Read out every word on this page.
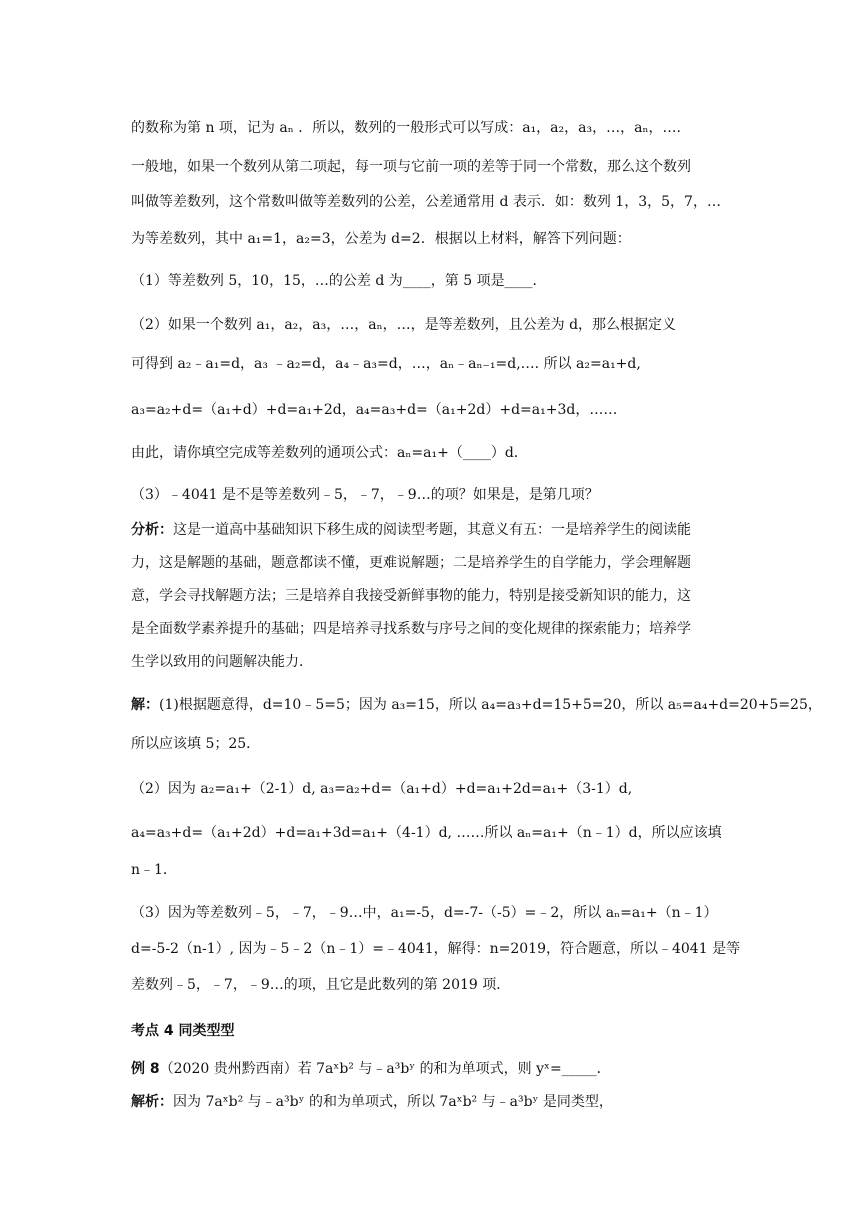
的数称为第 n 项，记为 aₙ ．所以，数列的一般形式可以写成：a₁，a₂，a₃，…，aₙ，….
一般地，如果一个数列从第二项起，每一项与它前一项的差等于同一个常数，那么这个数列
叫做等差数列，这个常数叫做等差数列的公差，公差通常用 d 表示．如：数列 1，3，5，7，…
为等差数列，其中 a₁=1，a₂=3，公差为 d=2．根据以上材料，解答下列问题：
（1）等差数列 5，10，15，…的公差 d 为____，第 5 项是____．
（2）如果一个数列 a₁，a₂，a₃，…，aₙ，…，是等差数列，且公差为 d，那么根据定义
可得到 a₂﹣a₁=d，a₃ ﹣a₂=d，a₄﹣a₃=d，…，aₙ﹣aₙ₋₁=d,…. 所以 a₂=a₁+d,
a₃=a₂+d=（a₁+d）+d=a₁+2d，a₄=a₃+d=（a₁+2d）+d=a₁+3d，……
由此，请你填空完成等差数列的通项公式：aₙ=a₁+（____）d．
（3）﹣4041 是不是等差数列﹣5，﹣7，﹣9…的项？如果是，是第几项？
分析：这是一道高中基础知识下移生成的阅读型考题，其意义有五：一是培养学生的阅读能
力，这是解题的基础，题意都读不懂，更难说解题；二是培养学生的自学能力，学会理解题
意，学会寻找解题方法；三是培养自我接受新鲜事物的能力，特别是接受新知识的能力，这
是全面数学素养提升的基础；四是培养寻找系数与序号之间的变化规律的探索能力；培养学
生学以致用的问题解决能力．
解：(1)根据题意得，d=10﹣5=5；因为 a₃=15，所以 a₄=a₃+d=15+5=20，所以 a₅=a₄+d=20+5=25，
所以应该填 5；25．
（2）因为 a₂=a₁+（2-1）d, a₃=a₂+d=（a₁+d）+d=a₁+2d=a₁+（3-1）d,
a₄=a₃+d=（a₁+2d）+d=a₁+3d=a₁+（4-1）d, ……所以 aₙ=a₁+（n﹣1）d，所以应该填
n﹣1．
（3）因为等差数列﹣5，﹣7，﹣9…中，a₁=-5，d=-7-（-5）=﹣2，所以 aₙ=a₁+（n﹣1）
d=-5-2（n-1）, 因为﹣5﹣2（n﹣1）=﹣4041，解得：n=2019，符合题意，所以﹣4041 是等
差数列﹣5，﹣7，﹣9…的项，且它是此数列的第 2019 项．
考点 4 同类型型
例 8（2020 贵州黔西南）若 7aˣb² 与﹣a³bʸ 的和为单项式，则 yˣ=_____．
解析：因为 7aˣb² 与﹣a³bʸ 的和为单项式，所以 7aˣb² 与﹣a³bʸ 是同类型，
